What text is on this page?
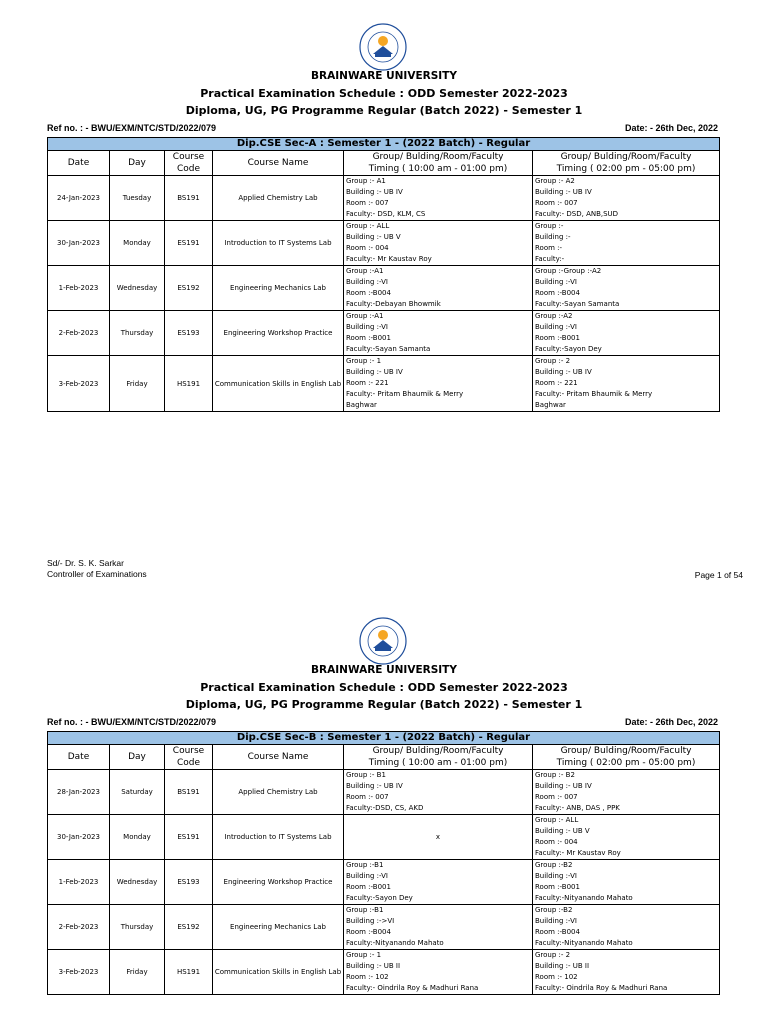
BRAINWARE UNIVERSITY
Practical Examination Schedule : ODD Semester 2022-2023
Diploma, UG, PG Programme Regular (Batch 2022) - Semester 1
Ref no. : - BWU/EXM/NTC/STD/2022/079	Date: - 26th Dec, 2022
Dip.CSE Sec-A : Semester 1 - (2022 Batch) - Regular					
Date	Day	Course Code	Course Name	Group/ Bulding/Room/Faculty
Timing ( 10:00 am - 01:00 pm)	Group/ Bulding/Room/Faculty
Timing ( 02:00 pm - 05:00 pm)

24-Jan-2023	Tuesday	BS191	Applied Chemistry Lab	Group :- A1
Building :- UB IV
Room :- 007
Faculty:- DSD, KLM, CS	Group :- A2
Building :- UB IV
Room :- 007
Faculty:- DSD, ANB,SUD

30-Jan-2023	Monday	ES191	Introduction to IT Systems Lab	Group :- ALL
Building :- UB V
Room :- 004
Faculty:- Mr Kaustav Roy	Group :-
Building :-
Room :-
Faculty:-

1-Feb-2023	Wednesday	ES192	Engineering Mechanics Lab	Group :-A1
Building :-VI
Room :-B004
Faculty:-Debayan Bhowmik	Group :-Group :-A2
Building :-VI
Room :-B004
Faculty:-Sayan Samanta

2-Feb-2023	Thursday	ES193	Engineering Workshop Practice	Group :-A1
Building :-VI
Room :-B001
Faculty:-Sayan Samanta	Group :-A2
Building :-VI
Room :-B001
Faculty:-Sayon Dey

3-Feb-2023	Friday	HS191	Communication Skills in English Lab	Group :- 1
Building :- UB IV
Room :- 221
Faculty:- Pritam Bhaumik & Merry
Baghwar	Group :- 2
Building :- UB IV
Room :- 221
Faculty:- Pritam Bhaumik & Merry
Baghwar
Sd/- Dr. S. K. Sarkar
Controller of Examinations	Page 1 of 54
BRAINWARE UNIVERSITY
Practical Examination Schedule : ODD Semester 2022-2023
Diploma, UG, PG Programme Regular (Batch 2022) - Semester 1
Ref no. : - BWU/EXM/NTC/STD/2022/079	Date: - 26th Dec, 2022
Dip.CSE Sec-B : Semester 1 - (2022 Batch) - Regular					
Date	Day	Course Code	Course Name	Group/ Bulding/Room/Faculty
Timing ( 10:00 am - 01:00 pm)	Group/ Bulding/Room/Faculty
Timing ( 02:00 pm - 05:00 pm)

28-Jan-2023	Saturday	BS191	Applied Chemistry Lab	Group :- B1
Building :- UB IV
Room :- 007
Faculty:-DSD, CS, AKD	Group :- B2
Building :- UB IV
Room :- 007
Faculty:- ANB, DAS , PPK

30-Jan-2023	Monday	ES191	Introduction to IT Systems Lab	x	Group :- ALL
Building :- UB V
Room :- 004
Faculty:- Mr Kaustav Roy

1-Feb-2023	Wednesday	ES193	Engineering Workshop Practice	Group :-B1
Building :-VI
Room :-B001
Faculty:-Sayon Dey	Group :-B2
Building :-VI
Room :-B001
Faculty:-Nityanando Mahato

2-Feb-2023	Thursday	ES192	Engineering Mechanics Lab	Group :-B1
Building :->VI
Room :-B004
Faculty:-Nityanando Mahato	Group :-B2
Building :-VI
Room :-B004
Faculty:-Nityanando Mahato

3-Feb-2023	Friday	HS191	Communication Skills in English Lab	Group :- 1
Building :- UB II
Room :- 102
Faculty:- Oindrila Roy & Madhuri Rana	Group :- 2
Building :- UB II
Room :- 102
Faculty:- Oindrila Roy & Madhuri Rana
